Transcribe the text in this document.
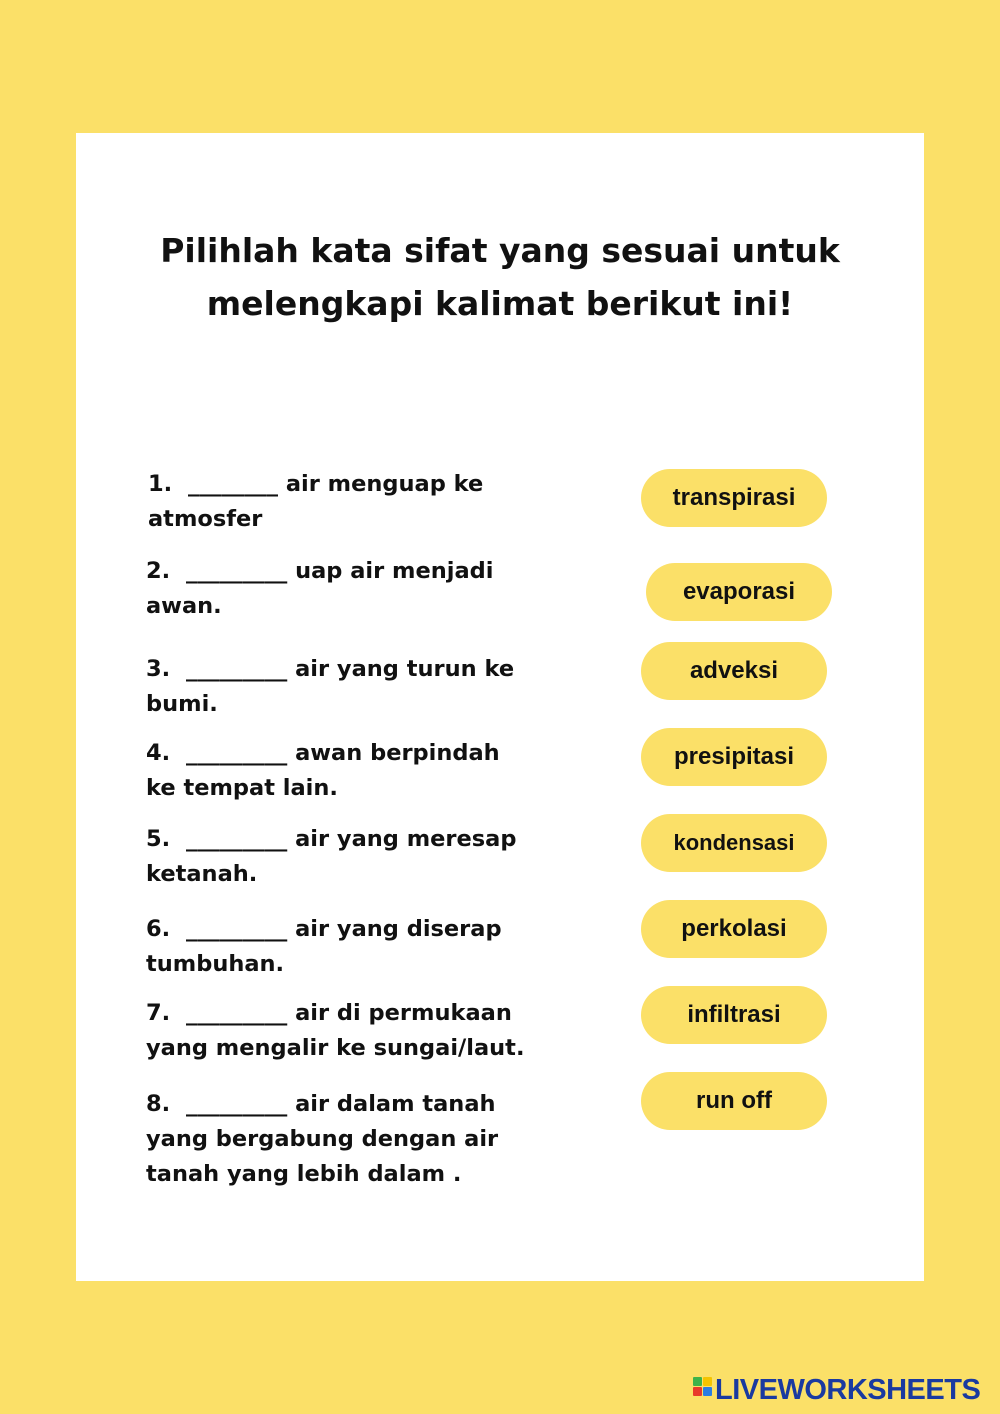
Pilihlah kata sifat yang sesuai untuk
melengkapi kalimat berikut ini!
1. ________ air menguap ke
atmosfer
2. _________ uap air menjadi
awan.
3. _________ air yang turun ke
bumi.
4. _________ awan berpindah
ke tempat lain.
5. _________ air yang meresap
ketanah.
6. _________ air yang diserap
tumbuhan.
7. _________ air di permukaan
yang mengalir ke sungai/laut.
8. _________ air dalam tanah
yang bergabung dengan air
tanah yang lebih dalam .
transpirasi
evaporasi
adveksi
presipitasi
kondensasi
perkolasi
infiltrasi
run off
LIVEWORKSHEETS
